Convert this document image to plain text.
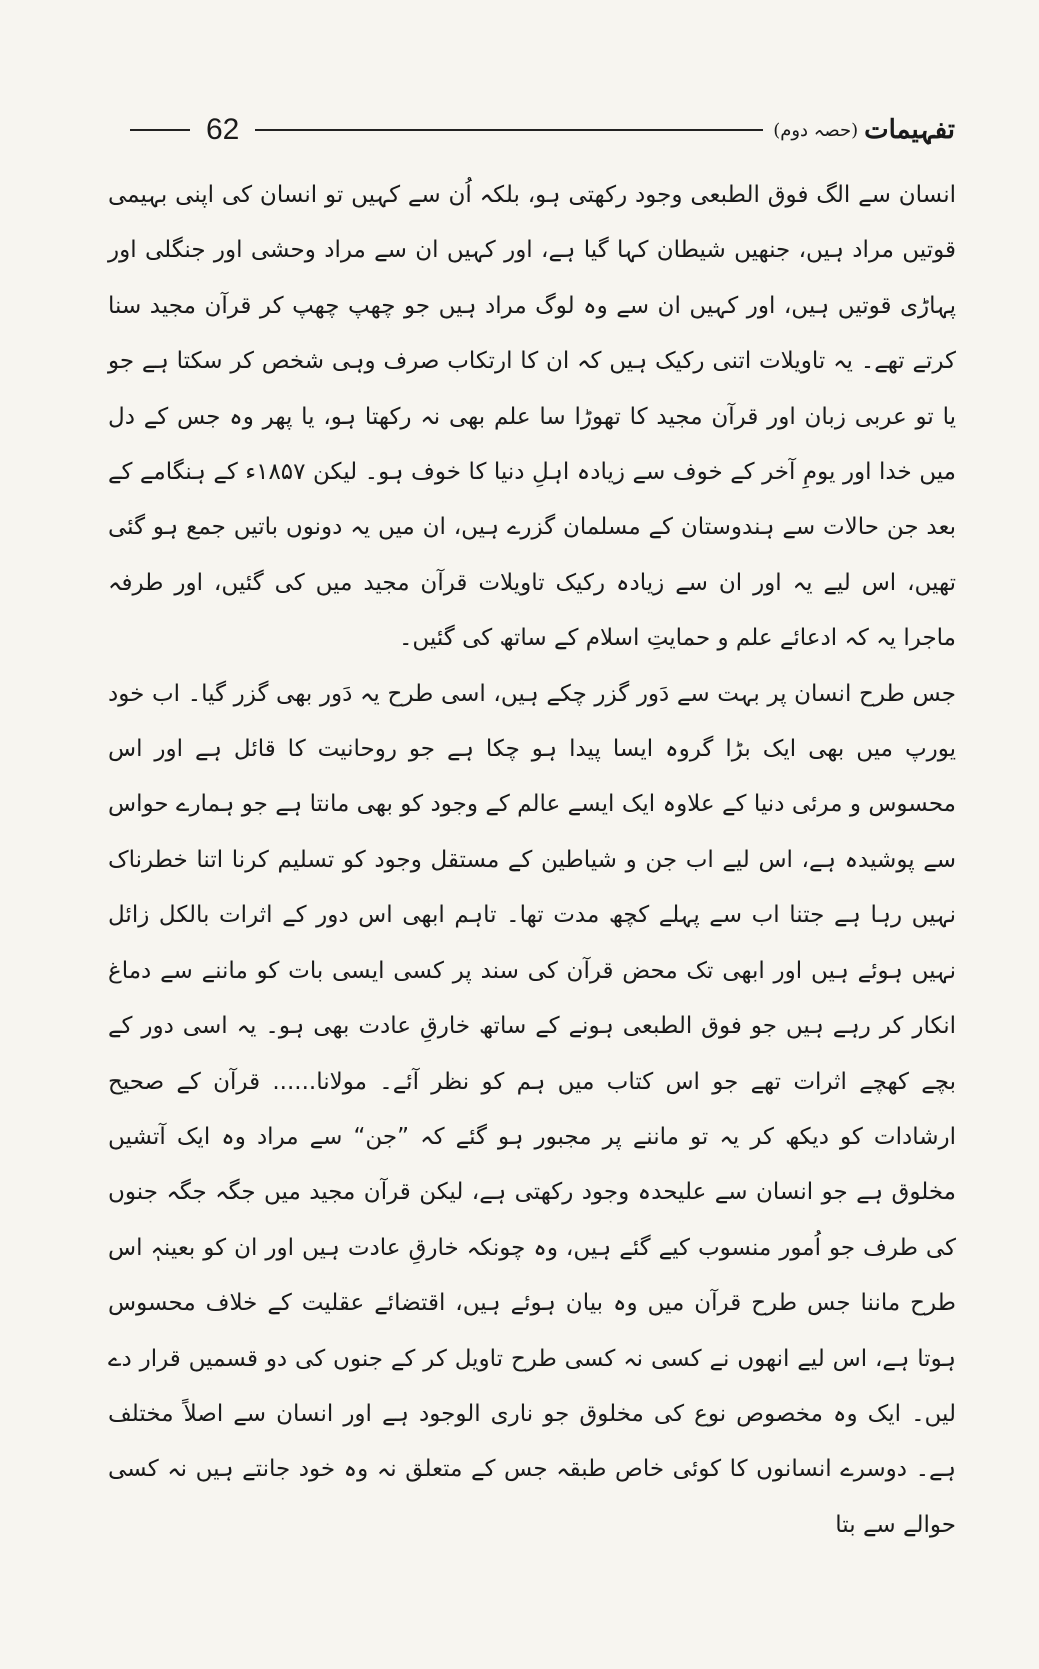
تفہیمات
(حصہ دوم)
62

انسان سے الگ فوق الطبعی وجود رکھتی ہو، بلکہ اُن سے کہیں تو انسان کی اپنی بہیمی قوتیں مراد ہیں، جنھیں شیطان کہا گیا ہے، اور کہیں ان سے مراد وحشی اور جنگلی اور پہاڑی قوتیں ہیں، اور کہیں ان سے وہ لوگ مراد ہیں جو چھپ چھپ کر قرآن مجید سنا کرتے تھے۔ یہ تاویلات اتنی رکیک ہیں کہ ان کا ارتکاب صرف وہی شخص کر سکتا ہے جو یا تو عربی زبان اور قرآن مجید کا تھوڑا سا علم بھی نہ رکھتا ہو، یا پھر وہ جس کے دل میں خدا اور یومِ آخر کے خوف سے زیادہ اہلِ دنیا کا خوف ہو۔ لیکن ۱۸۵۷ء کے ہنگامے کے بعد جن حالات سے ہندوستان کے مسلمان گزرے ہیں، ان میں یہ دونوں باتیں جمع ہو گئی تھیں، اس لیے یہ اور ان سے زیادہ رکیک تاویلات قرآن مجید میں کی گئیں، اور طرفہ ماجرا یہ کہ ادعائے علم و حمایتِ اسلام کے ساتھ کی گئیں۔

جس طرح انسان پر بہت سے دَور گزر چکے ہیں، اسی طرح یہ دَور بھی گزر گیا۔ اب خود یورپ میں بھی ایک بڑا گروہ ایسا پیدا ہو چکا ہے جو روحانیت کا قائل ہے اور اس محسوس و مرئی دنیا کے علاوہ ایک ایسے عالم کے وجود کو بھی مانتا ہے جو ہمارے حواس سے پوشیدہ ہے، اس لیے اب جن و شیاطین کے مستقل وجود کو تسلیم کرنا اتنا خطرناک نہیں رہا ہے جتنا اب سے پہلے کچھ مدت تھا۔ تاہم ابھی اس دور کے اثرات بالکل زائل نہیں ہوئے ہیں اور ابھی تک محض قرآن کی سند پر کسی ایسی بات کو ماننے سے دماغ انکار کر رہے ہیں جو فوق الطبعی ہونے کے ساتھ خارقِ عادت بھی ہو۔ یہ اسی دور کے بچے کھچے اثرات تھے جو اس کتاب میں ہم کو نظر آئے۔ مولانا...... قرآن کے صحیح ارشادات کو دیکھ کر یہ تو ماننے پر مجبور ہو گئے کہ ”جن“ سے مراد وہ ایک آتشیں مخلوق ہے جو انسان سے علیحدہ وجود رکھتی ہے، لیکن قرآن مجید میں جگہ جگہ جنوں کی طرف جو اُمور منسوب کیے گئے ہیں، وہ چونکہ خارقِ عادت ہیں اور ان کو بعینہٖ اس طرح ماننا جس طرح قرآن میں وہ بیان ہوئے ہیں، اقتضائے عقلیت کے خلاف محسوس ہوتا ہے، اس لیے انھوں نے کسی نہ کسی طرح تاویل کر کے جنوں کی دو قسمیں قرار دے لیں۔ ایک وہ مخصوص نوع کی مخلوق جو ناری الوجود ہے اور انسان سے اصلاً مختلف ہے۔ دوسرے انسانوں کا کوئی خاص طبقہ جس کے متعلق نہ وہ خود جانتے ہیں نہ کسی حوالے سے بتا
